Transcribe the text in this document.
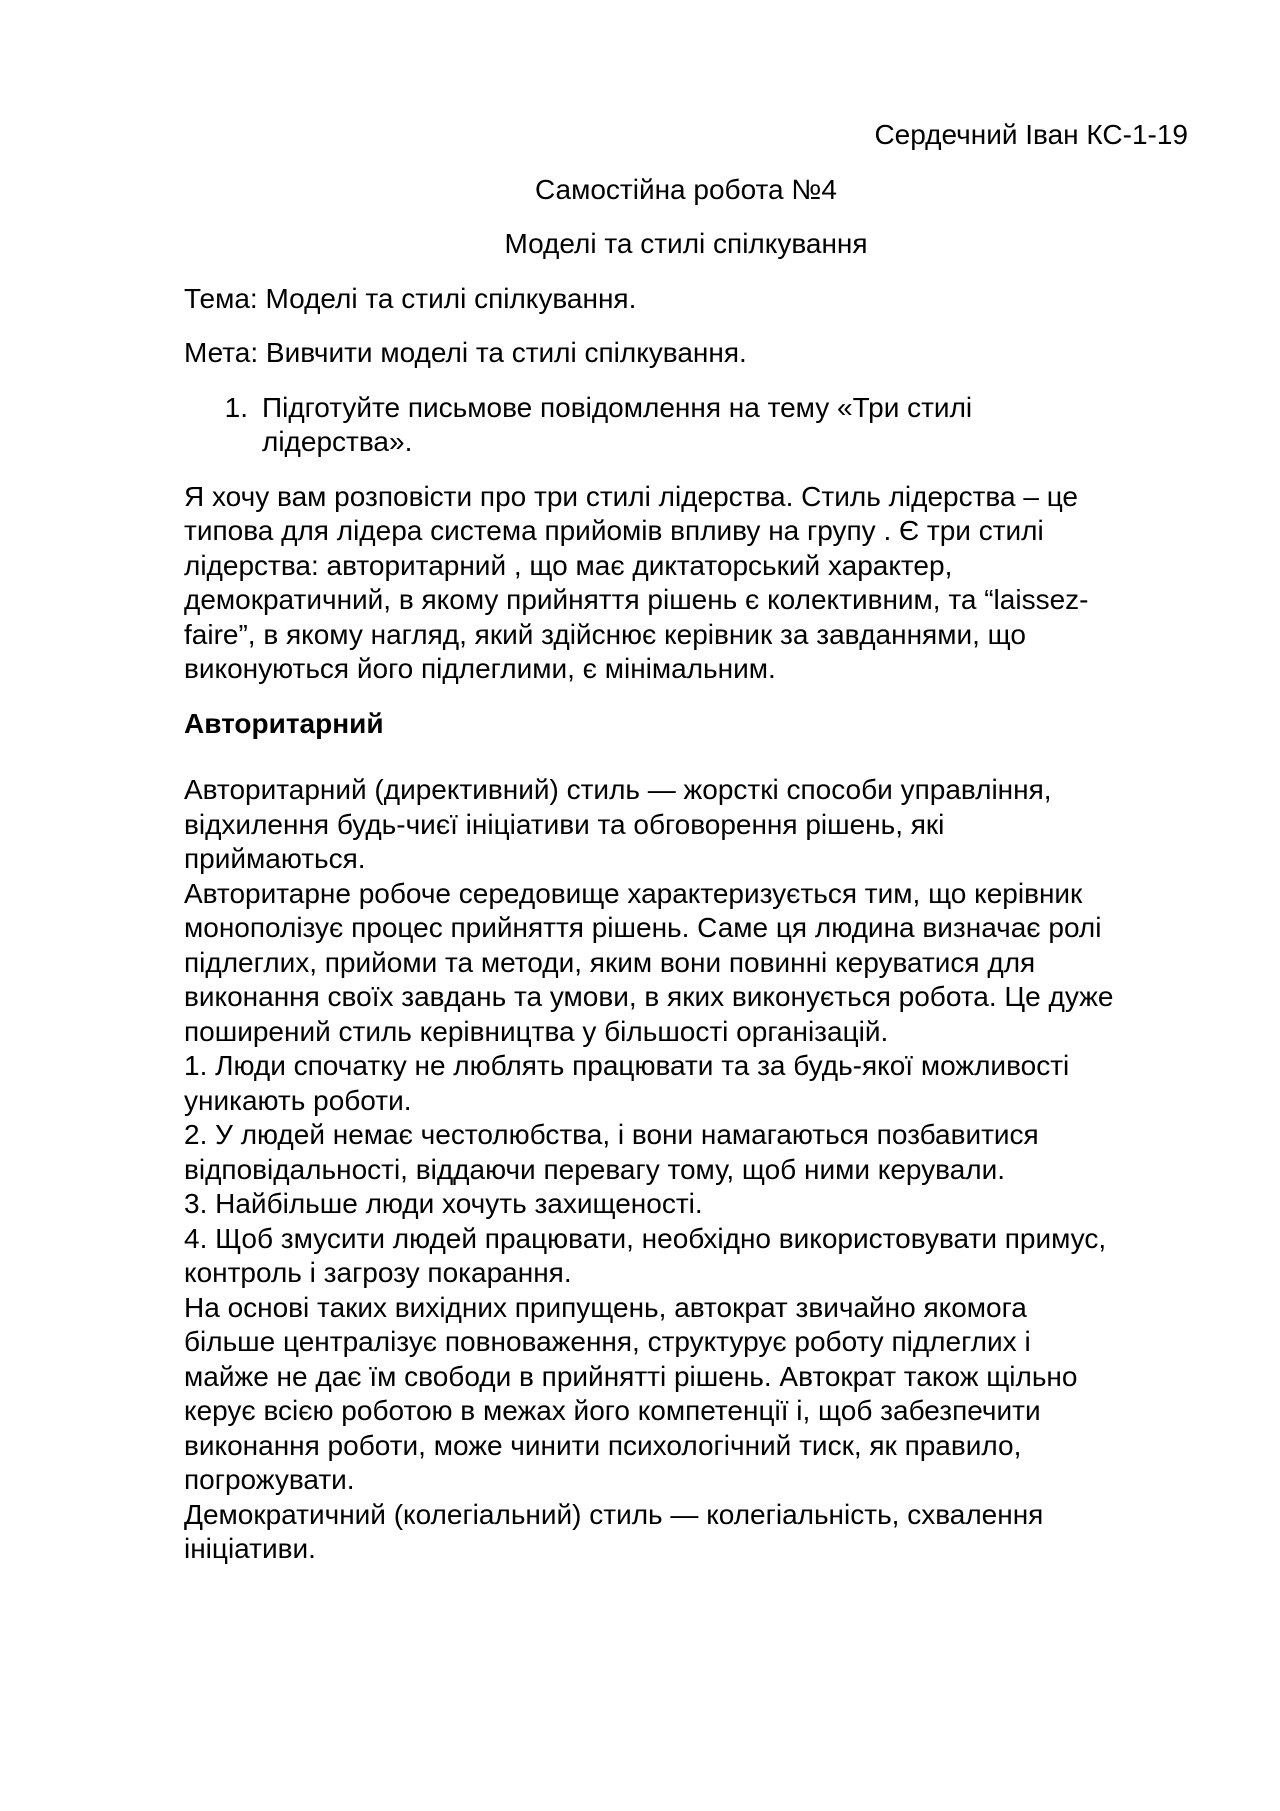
Сердечний Іван КС-1-19
Самостійна робота №4
Моделі та стилі спілкування
Тема: Моделі та стилі спілкування.
Мета: Вивчити моделі та стилі спілкування.
1. Підготуйте письмове повідомлення на тему «Три стилі
лідерства».
Я хочу вам розповісти про три стилі лідерства. Стиль лідерства – це
типова для лідера система прийомів впливу на групу . Є три стилі
лідерства: авторитарний , що має диктаторський характер,
демократичний, в якому прийняття рішень є колективним, та “laissez-
faire”, в якому нагляд, який здійснює керівник за завданнями, що
виконуються його підлеглими, є мінімальним.
Авторитарний
Авторитарний (директивний) стиль — жорсткі способи управління,
відхилення будь-чиєї ініціативи та обговорення рішень, які
приймаються.
Авторитарне робоче середовище характеризується тим, що керівник
монополізує процес прийняття рішень. Саме ця людина визначає ролі
підлеглих, прийоми та методи, яким вони повинні керуватися для
виконання своїх завдань та умови, в яких виконується робота. Це дуже
поширений стиль керівництва у більшості організацій.
1. Люди спочатку не люблять працювати та за будь-якої можливості
уникають роботи.
2. У людей немає честолюбства, і вони намагаються позбавитися
відповідальності, віддаючи перевагу тому, щоб ними керували.
3. Найбільше люди хочуть захищеності.
4. Щоб змусити людей працювати, необхідно використовувати примус,
контроль і загрозу покарання.
На основі таких вихідних припущень, автократ звичайно якомога
більше централізує повноваження, структурує роботу підлеглих і
майже не дає їм свободи в прийнятті рішень. Автократ також щільно
керує всією роботою в межах його компетенції і, щоб забезпечити
виконання роботи, може чинити психологічний тиск, як правило,
погрожувати.
Демократичний (колегіальний) стиль — колегіальність, схвалення
ініціативи.
